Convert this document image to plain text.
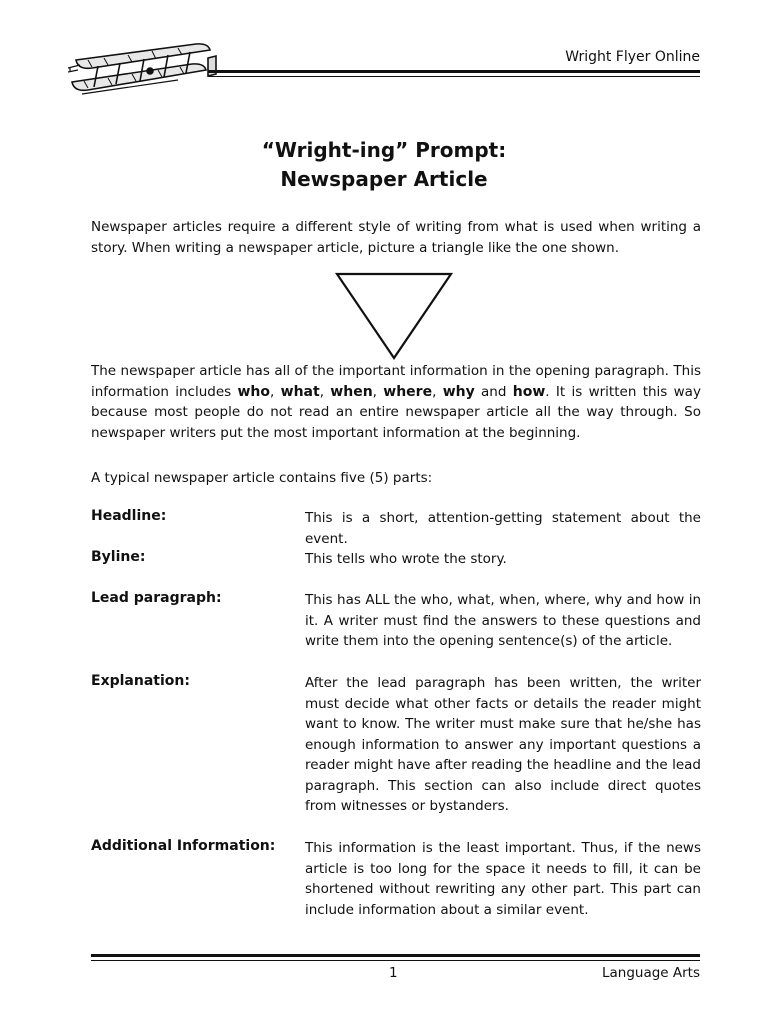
Wright Flyer Online
“Wright-ing” Prompt:
Newspaper Article
Newspaper articles require a different style of writing from what is used when writing a story. When writing a newspaper article, picture a triangle like the one shown.
The newspaper article has all of the important information in the opening paragraph. This information includes who, what, when, where, why and how. It is written this way because most people do not read an entire newspaper article all the way through. So newspaper writers put the most important information at the beginning.
A typical newspaper article contains five (5) parts:
Headline:	This is a short, attention-getting statement about the event.
Byline:	This tells who wrote the story.
Lead paragraph:	This has ALL the who, what, when, where, why and how in it. A writer must find the answers to these questions and write them into the opening sentence(s) of the article.
Explanation:	After the lead paragraph has been written, the writer must decide what other facts or details the reader might want to know. The writer must make sure that he/she has enough information to answer any important questions a reader might have after reading the headline and the lead paragraph. This section can also include direct quotes from witnesses or bystanders.
Additional Information: This information is the least important. Thus, if the news article is too long for the space it needs to fill, it can be shortened without rewriting any other part. This part can include information about a similar event.
1	Language Arts
